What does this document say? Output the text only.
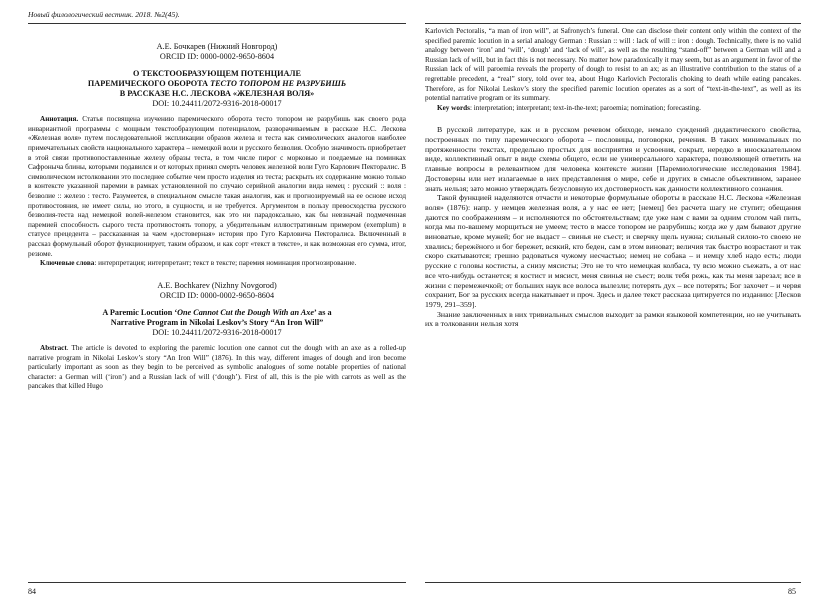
Новый филологический вестник. 2018. №2(45).
А.Е. Бочкарев (Нижний Новгород)
ORCID ID: 0000-0002-9650-8604
О ТЕКСТООБРАЗУЮЩЕМ ПОТЕНЦИАЛЕ
ПАРЕМИЧЕСКОГО ОБОРОТА ТЕСТО ТОПОРОМ НЕ РАЗРУБИШЬ
В РАССКАЗЕ Н.С. ЛЕСКОВА «ЖЕЛЕЗНАЯ ВОЛЯ»
DOI: 10.24411/2072-9316-2018-00017

Аннотация. Статья посвящена изучению паремического оборота тесто топором не разрубишь как своего рода инвариантной программы с мощным текстообразующим потенциалом, разворачиваемым в рассказе Н.С. Лескова «Железная воля» путем последовательной экспликации образов железа и теста как символических аналогов наиболее примечательных свойств национального характера – немецкой воли и русского безволия. Особую значимость приобретает в этой связи противопоставленные железу образы теста, в том числе пирог с морковью и поедаемые на поминках Сафроныча блины, которыми подавился и от которых принял смерть человек железной воли Гуго Карлович Пекторалис. В символическом истолковании это последнее событие чем просто изделия из теста; раскрыть их содержание можно только в контексте указанной паремии в рамках установленной по случаю серийной аналогии вида немец : русский :: воля : безволие :: железо : тесто. Разумеется, в специальном смысле такая аналогия, как и прогнозируемый на ее основе исход противостояния, не имеет силы, но этого, в сущности, и не требуется. Аргументом в пользу превосходства русского безволия-теста над немецкой волей-железом становится, как это ни парадоксально, как бы невзначай подмеченная паремией способность сырого теста противостоять топору, а убедительным иллюстративным примером (exemplum) в статусе прецедента – рассказанная за чаем «достоверная» история про Гуго Карловича Пекторалиса. Включенный в рассказ формульный оборот функционирует, таким образом, и как сорт «текст в тексте», и как возможная его сумма, итог, резюме.

Ключевые слова: интерпретация; интерпретант; текст в тексте; паремия номинация прогнозирование.

A.E. Bochkarev (Nizhny Novgorod)
ORCID ID: 0000-0002-9650-8604
A Paremic Locution ‘One Cannot Cut the Dough With an Axe’ as a
Narrative Program in Nikolai Leskov’s Story “An Iron Will”
DOI: 10.24411/2072-9316-2018-00017

Abstract. The article is devoted to exploring the paremic locution one cannot cut the dough with an axe as a rolled-up narrative program in Nikolai Leskov’s story “An Iron Will” (1876). In this way, different images of dough and iron become particularly important as soon as they begin to be perceived as symbolic analogues of some notable properties of national character: a German will (‘iron’) and a Russian lack of will (‘dough’). First of all, this is the pie with carrots as well as the pancakes that killed Hugo

84

Karlovich Pectoralis, “a man of iron will”, at Safronych’s funeral. One can disclose their content only within the context of the specified paremic locution in a serial analogy German : Russian :: will : lack of will :: iron : dough. Technically, there is no valid analogy between ‘iron’ and ‘will’, ‘dough’ and ‘lack of will’, as well as the resulting “stand-off” between a German will and a Russian lack of will, but in fact this is not necessary. No matter how paradoxically it may seem, but as an argument in favor of the Russian lack of will paroemia reveals the property of dough to resist to an ax; as an illustrative contribution to the status of a regrettable precedent, a “real” story, told over tea, about Hugo Karlovich Pectoralis choking to death while eating pancakes. Therefore, as for Nikolai Leskov’s story the specified paremic locution operates as a sort of “text-in-the-text”, as well as its potential narrative program or its summary.

Key words: interpretation; interpretant; text-in-the-text; paroemia; nomination; forecasting.

В русской литературе, как и в русском речевом обиходе, немало суждений дидактического свойства, построенных по типу паремического оборота – пословицы, поговорки, речения. В таких минимальных по протяженности текстах, предельно простых для восприятия и усвоения, сокрыт, нередко в иносказательном виде, коллективный опыт в виде схемы общего, если не универсального характера, позволяющей ответить на главные вопросы в релевантном для человека контексте жизни [Паремиологические исследования 1984]. Достоверны или нет излагаемые в них представления о мире, себе и других в смысле объективном, заранее знать нельзя; зато можно утверждать безусловную их достоверность как данности коллективного сознания.

Такой функцией наделяются отчасти и некоторые формульные обороты в рассказе Н.С. Лескова «Железная воля» (1876): напр. у немцев железная воля, а у нас ее нет; [немец] без расчета шагу не ступит; обещания даются по соображениям – и исполняются по обстоятельствам; где уже нам с вами за одним столом чай пить, когда мы по-вашему морщиться не умеем; тесто в массе топором не разрубишь; когда же у дам бывают другие виноватые, кроме мужей; бог не выдаст – свинья не съест; и сверчку щель нужна; сильный силою-то своею не хвались; бережёного и бог бережет, всякий, кто беден, сам в этом виноват; величия так быстро возрастают и так скоро скатываются; грешно радоваться чужому несчастью; немец не собака – и немцу хлеб надо есть; люди русские с головы костисты, а снизу мясисты; Это не то что немецкая колбаса, ту всю можно съежать, а от нас все что-нибудь останется; я костист и мясист, меня свинья не съест; волк тебя режь, как ты меня зарезал; все в жизни с перемежечкой; от больших наук все волоса вылезли; потерять дух – все потерять; Бог захочет – и червя сохранит, Бог за русских всегда накатывает и проч. Здесь и далее текст рассказа цитируется по изданию: [Лесков 1979, 291–359].

Знание заключенных в них тривиальных смыслов выходит за рамки языковой компетенции, но не учитывать их в толковании нельзя хотя

85
